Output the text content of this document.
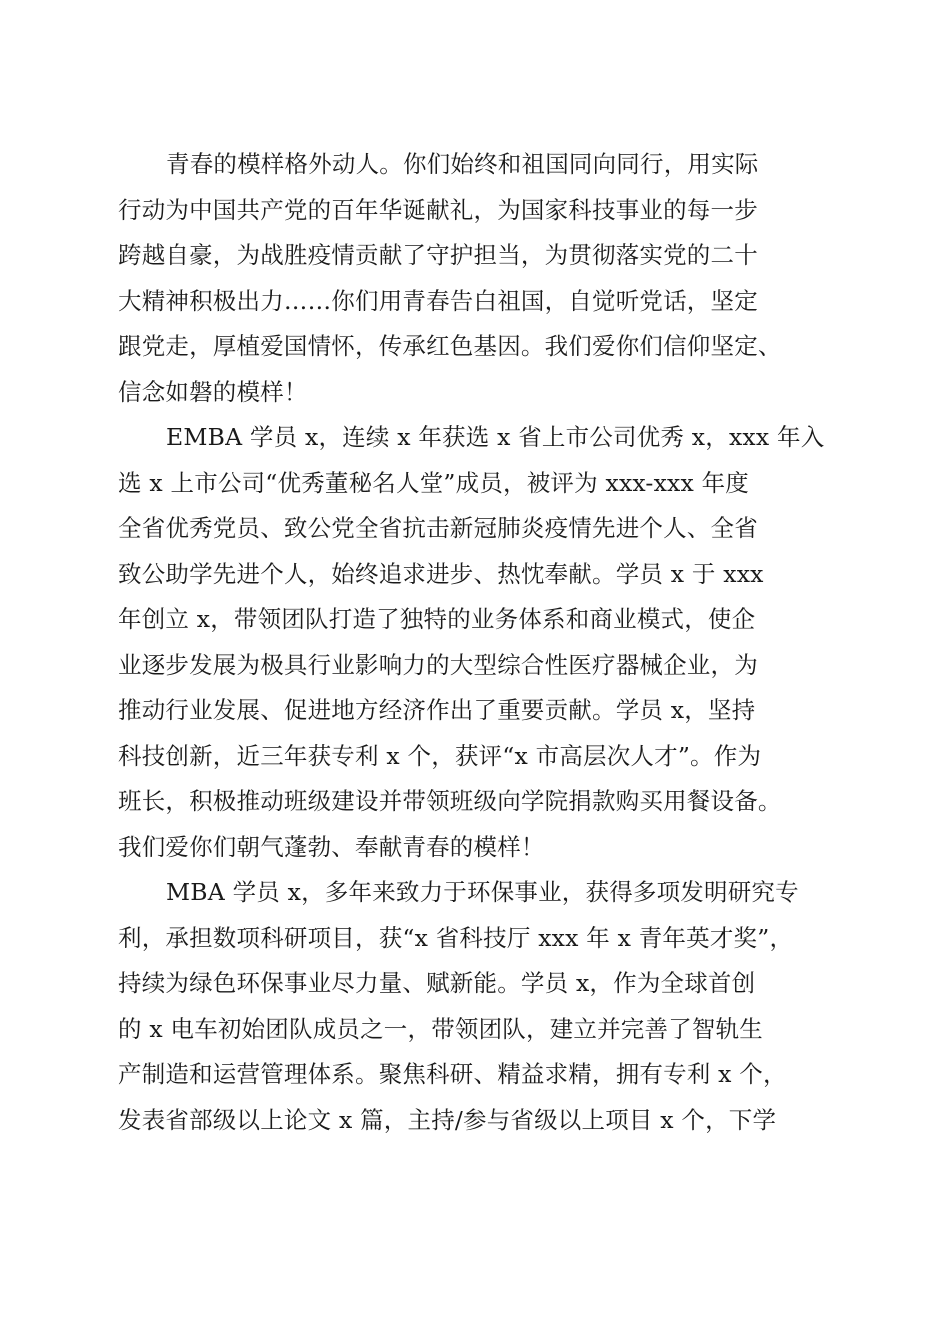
青春的模样格外动人。你们始终和祖国同向同行，用实际
行动为中国共产党的百年华诞献礼，为国家科技事业的每一步
跨越自豪，为战胜疫情贡献了守护担当，为贯彻落实党的二十
大精神积极出力……你们用青春告白祖国，自觉听党话，坚定
跟党走，厚植爱国情怀，传承红色基因。我们爱你们信仰坚定、
信念如磐的模样！
EMBA 学员 x，连续 x 年获选 x 省上市公司优秀 x，xxx 年入
选 x 上市公司“优秀董秘名人堂”成员，被评为 xxx-xxx 年度
全省优秀党员、致公党全省抗击新冠肺炎疫情先进个人、全省
致公助学先进个人，始终追求进步、热忱奉献。学员 x 于 xxx
年创立 x，带领团队打造了独特的业务体系和商业模式，使企
业逐步发展为极具行业影响力的大型综合性医疗器械企业，为
推动行业发展、促进地方经济作出了重要贡献。学员 x，坚持
科技创新，近三年获专利 x 个，获评“x 市高层次人才”。作为
班长，积极推动班级建设并带领班级向学院捐款购买用餐设备。
我们爱你们朝气蓬勃、奉献青春的模样！
MBA 学员 x，多年来致力于环保事业，获得多项发明研究专
利，承担数项科研项目，获“x 省科技厅 xxx 年 x 青年英才奖”，
持续为绿色环保事业尽力量、赋新能。学员 x，作为全球首创
的 x 电车初始团队成员之一，带领团队，建立并完善了智轨生
产制造和运营管理体系。聚焦科研、精益求精，拥有专利 x 个，
发表省部级以上论文 x 篇，主持/参与省级以上项目 x 个，下学
